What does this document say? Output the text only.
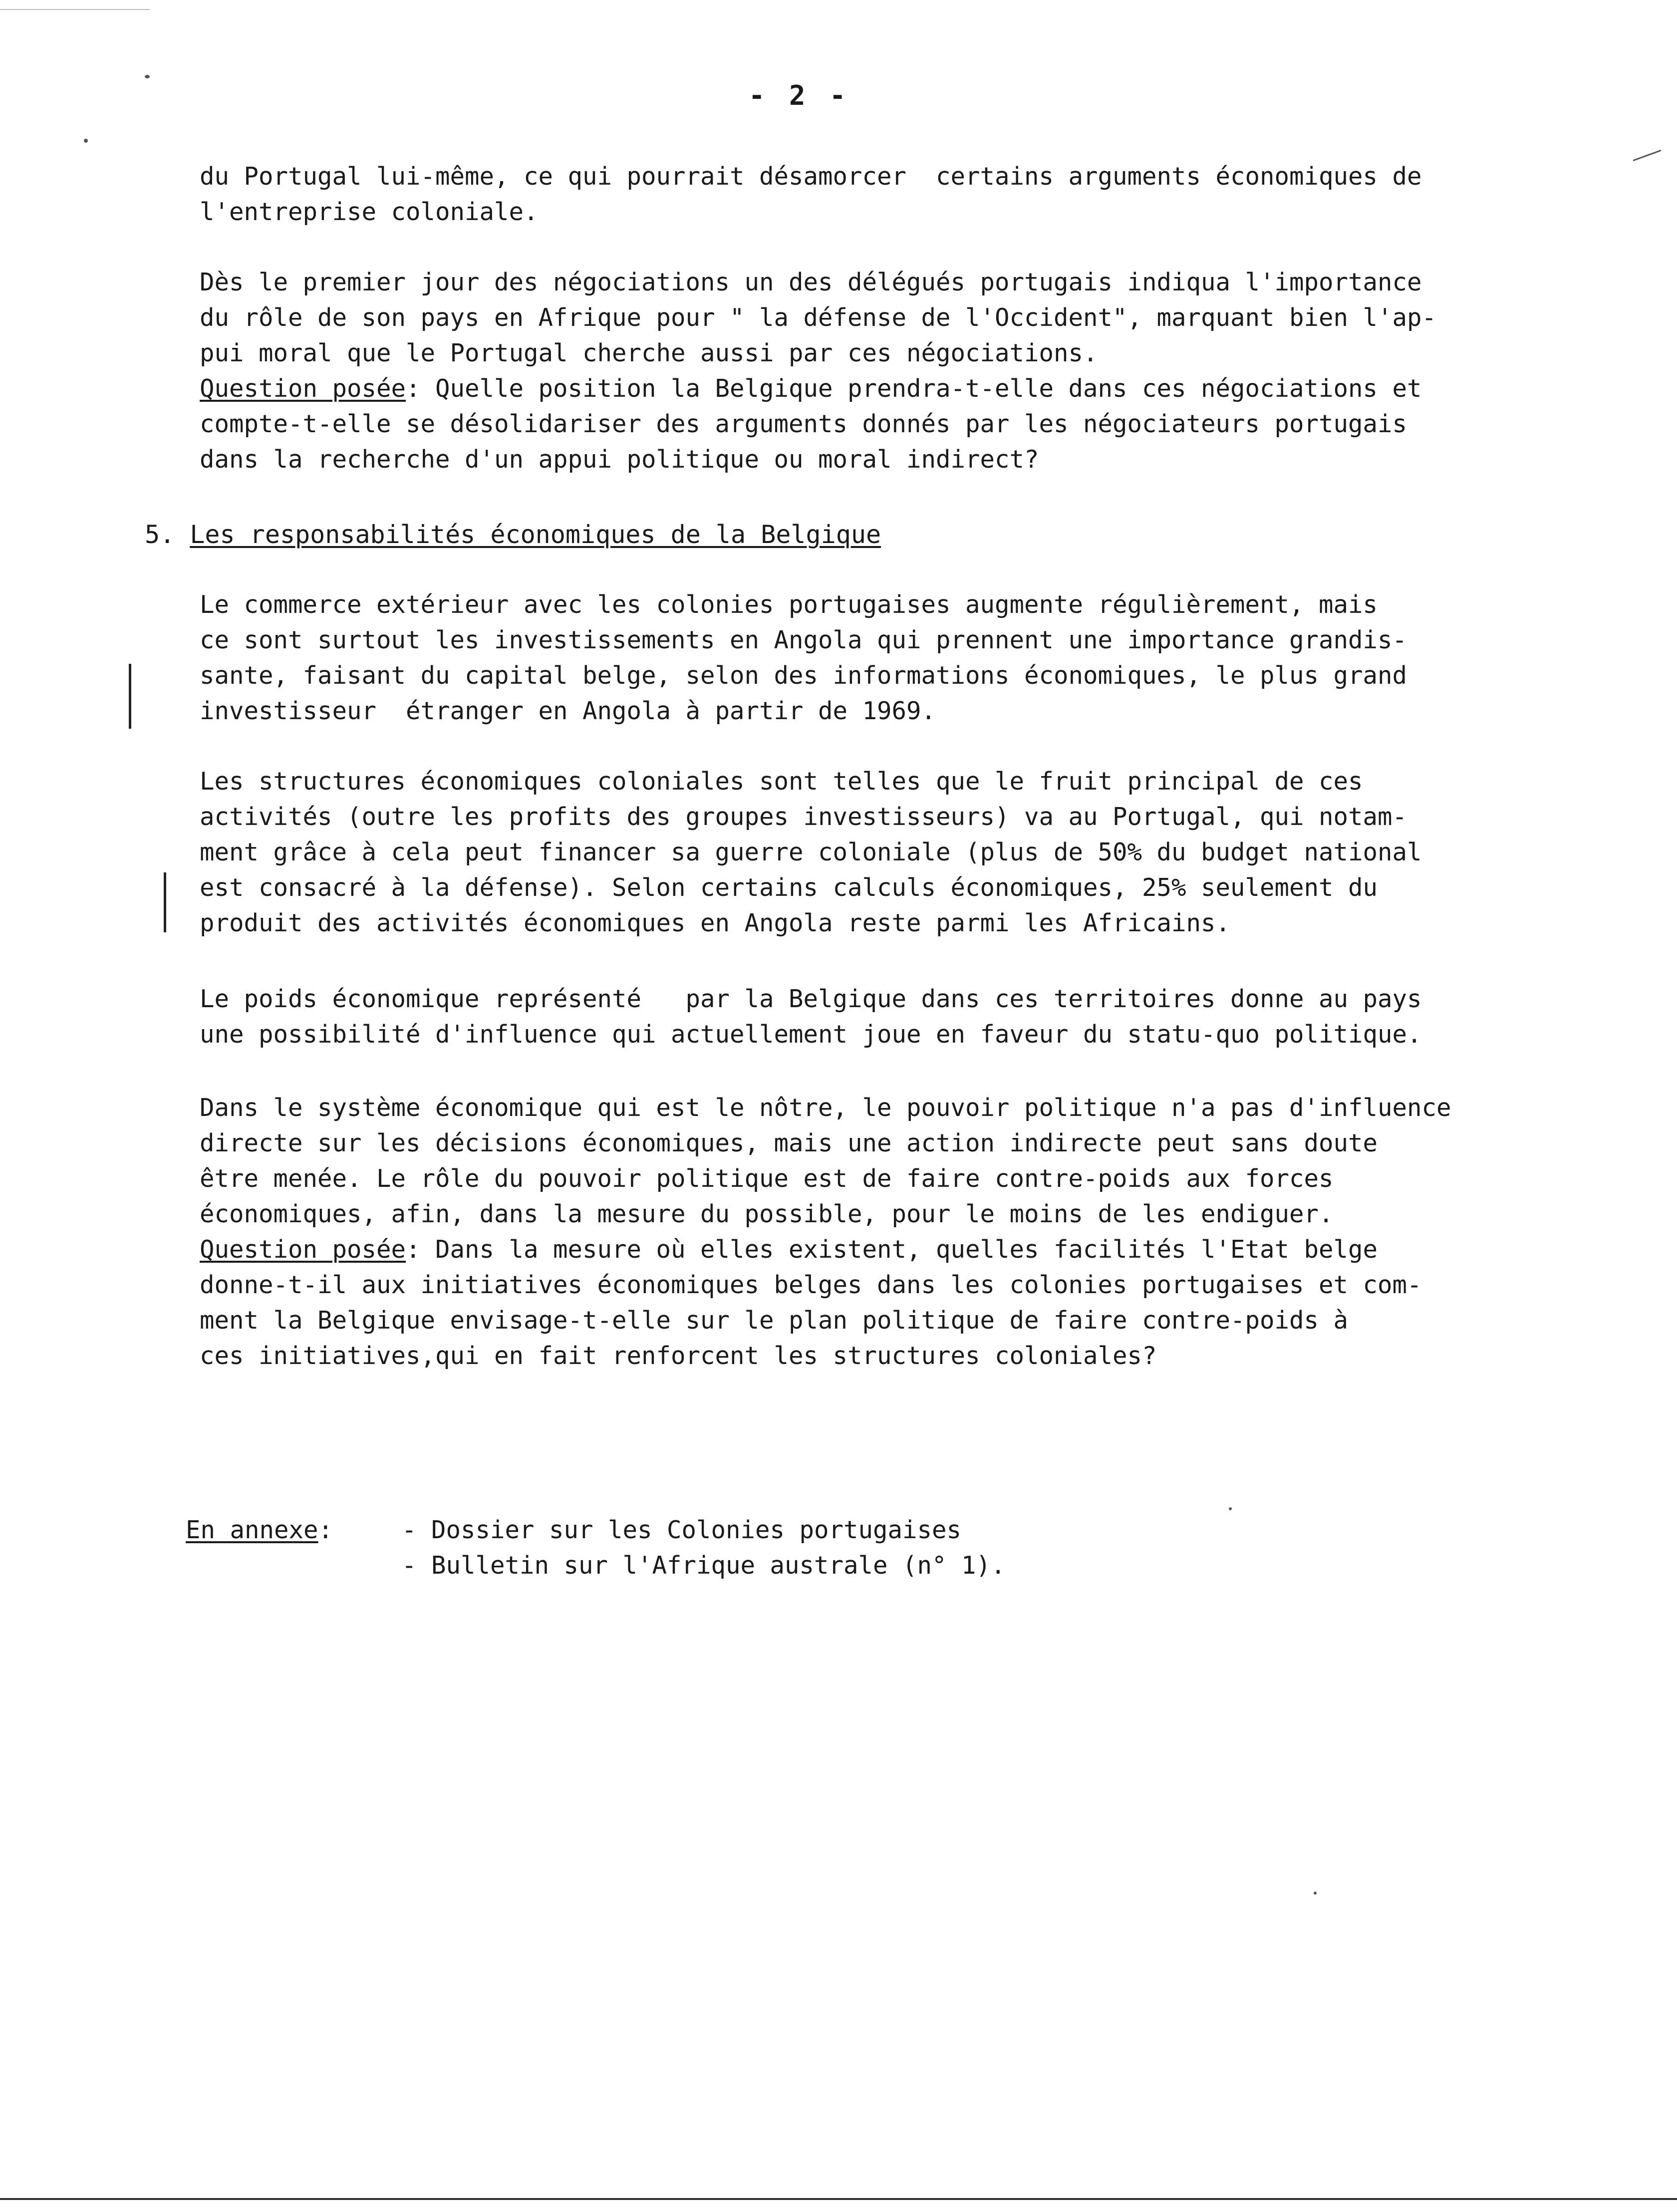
- 2 -
du Portugal lui-même, ce qui pourrait désamorcer  certains arguments économiques de
l'entreprise coloniale.
Dès le premier jour des négociations un des délégués portugais indiqua l'importance
du rôle de son pays en Afrique pour " la défense de l'Occident", marquant bien l'ap-
pui moral que le Portugal cherche aussi par ces négociations.
Question posée: Quelle position la Belgique prendra-t-elle dans ces négociations et
compte-t-elle se désolidariser des arguments donnés par les négociateurs portugais
dans la recherche d'un appui politique ou moral indirect?
5. Les responsabilités économiques de la Belgique
Le commerce extérieur avec les colonies portugaises augmente régulièrement, mais
ce sont surtout les investissements en Angola qui prennent une importance grandis-
sante, faisant du capital belge, selon des informations économiques, le plus grand
investisseur  étranger en Angola à partir de 1969.
Les structures économiques coloniales sont telles que le fruit principal de ces
activités (outre les profits des groupes investisseurs) va au Portugal, qui notam-
ment grâce à cela peut financer sa guerre coloniale (plus de 50% du budget national
est consacré à la défense). Selon certains calculs économiques, 25% seulement du
produit des activités économiques en Angola reste parmi les Africains.
Le poids économique représenté   par la Belgique dans ces territoires donne au pays
une possibilité d'influence qui actuellement joue en faveur du statu-quo politique.
Dans le système économique qui est le nôtre, le pouvoir politique n'a pas d'influence
directe sur les décisions économiques, mais une action indirecte peut sans doute
être menée. Le rôle du pouvoir politique est de faire contre-poids aux forces
économiques, afin, dans la mesure du possible, pour le moins de les endiguer.
Question posée: Dans la mesure où elles existent, quelles facilités l'Etat belge
donne-t-il aux initiatives économiques belges dans les colonies portugaises et com-
ment la Belgique envisage-t-elle sur le plan politique de faire contre-poids à
ces initiatives,qui en fait renforcent les structures coloniales?
En annexe:	- Dossier sur les Colonies portugaises
- Bulletin sur l'Afrique australe (n° 1).
